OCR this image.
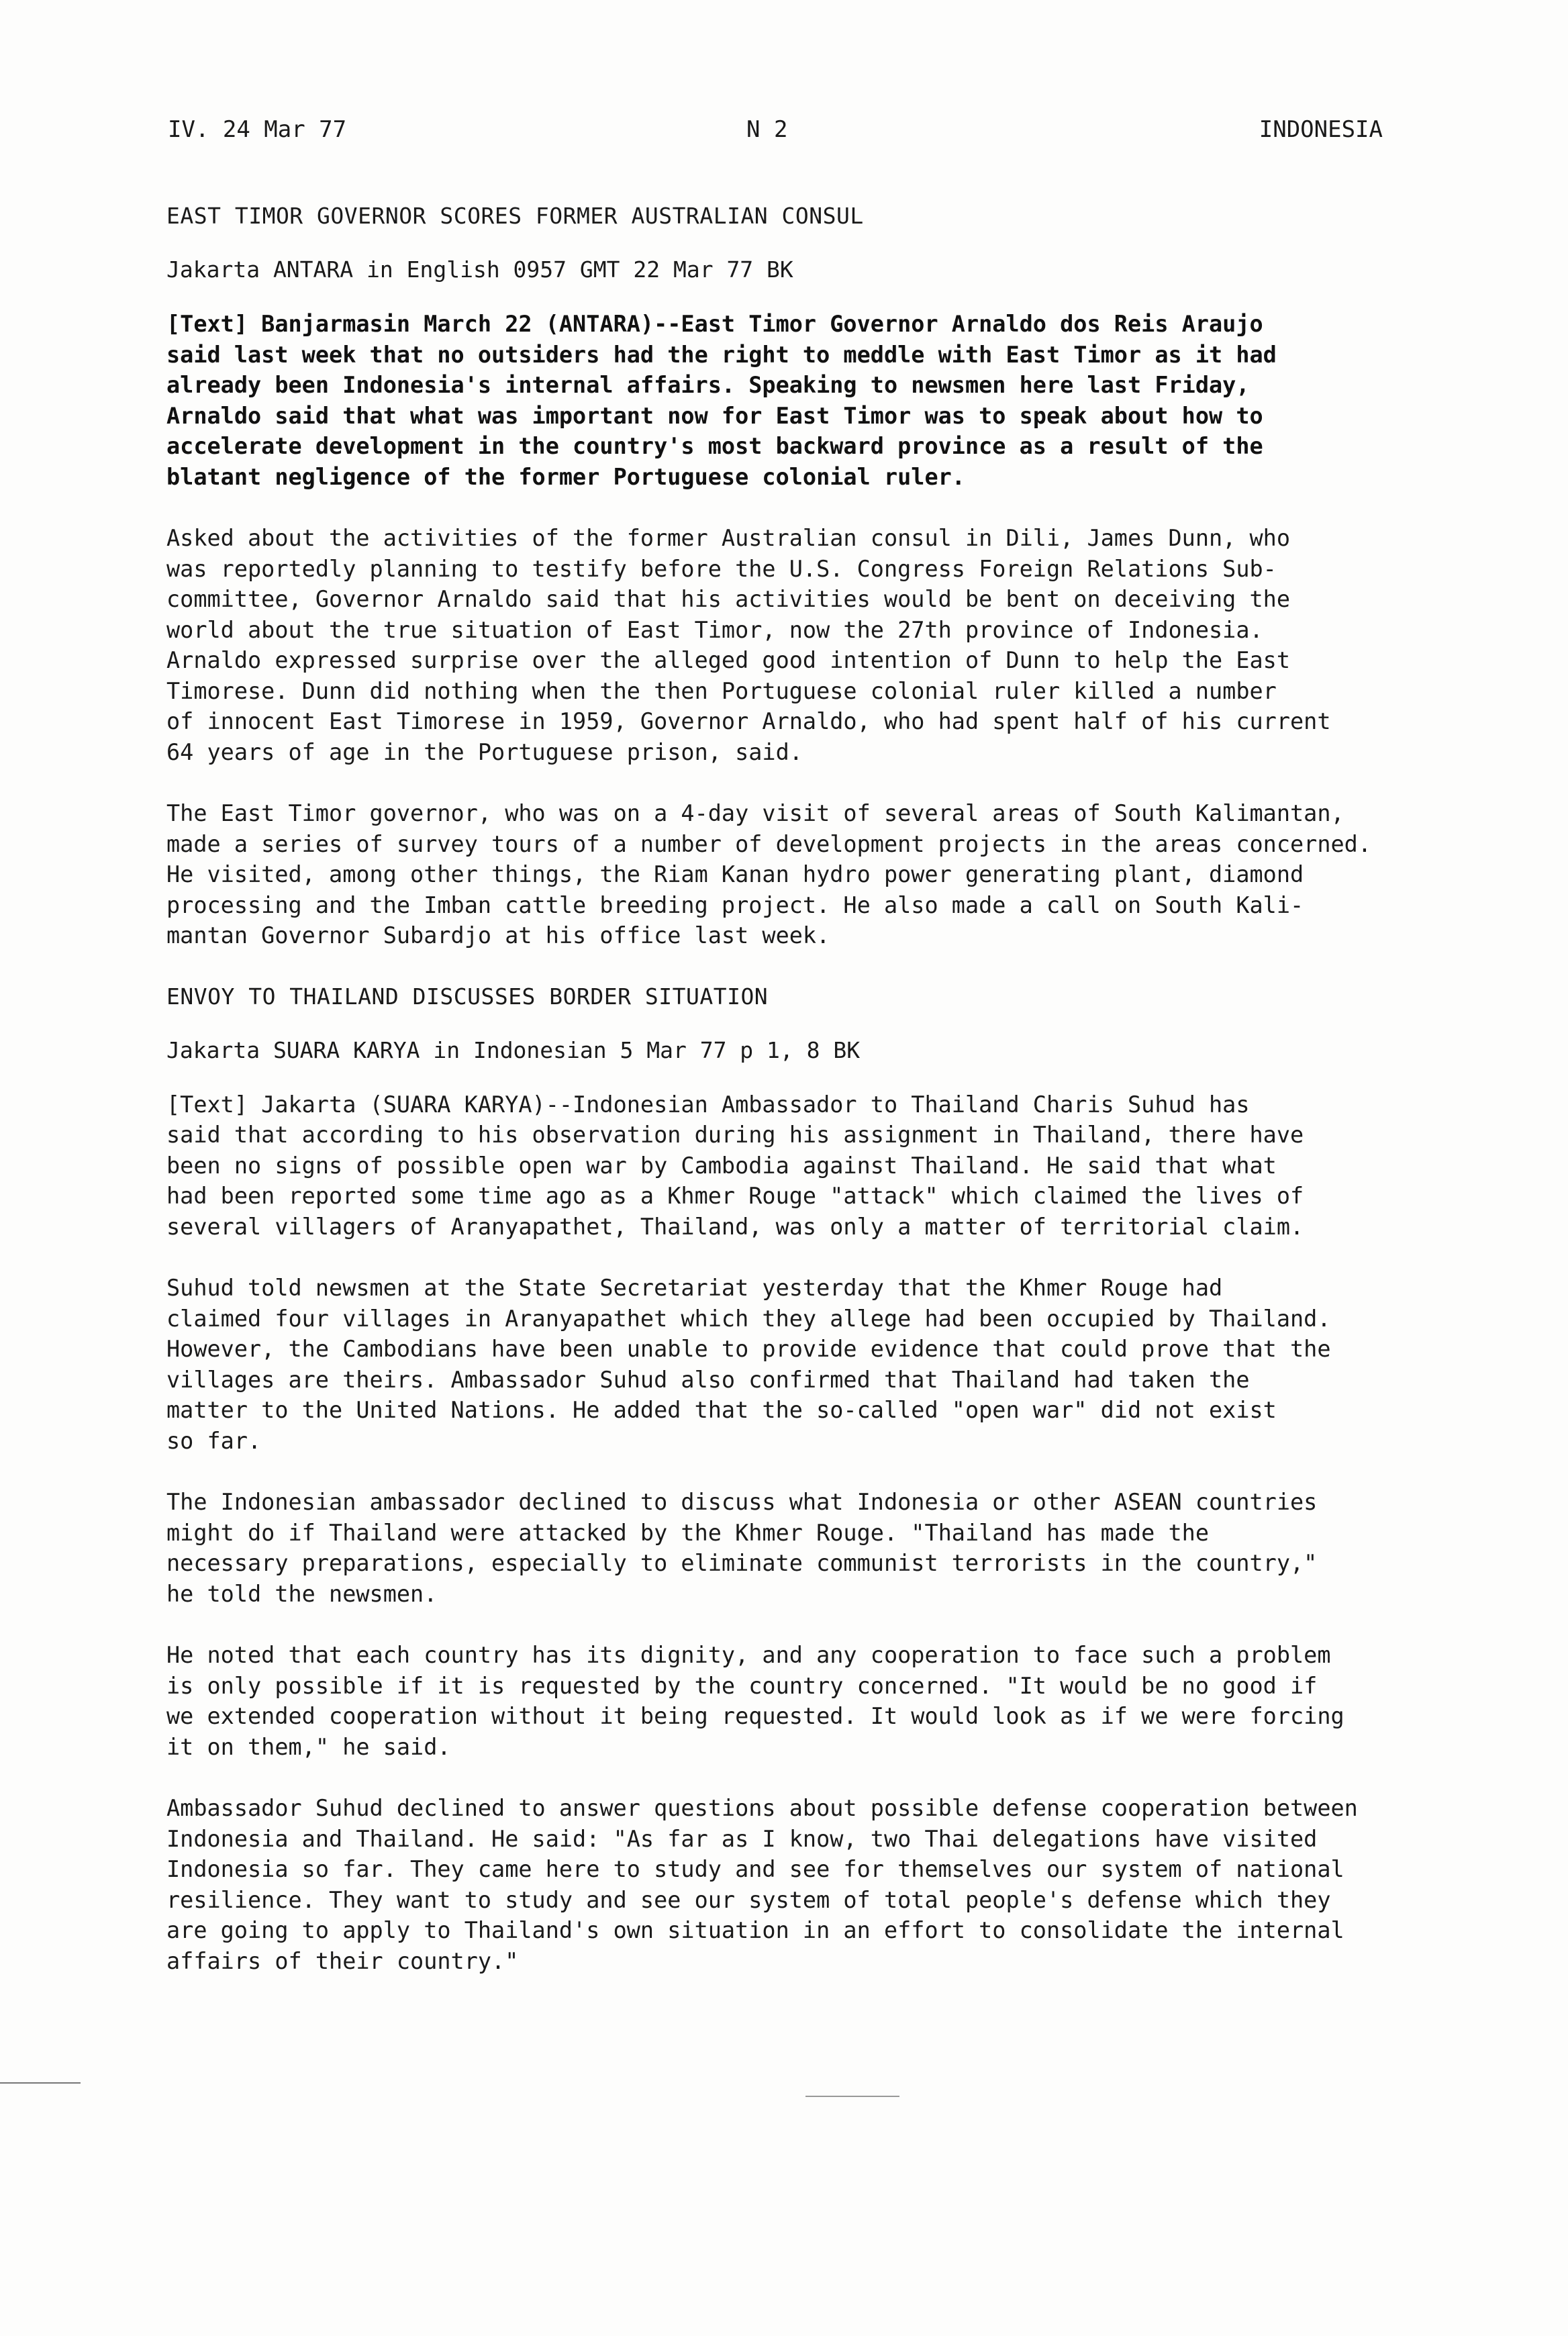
IV. 24 Mar 77	N 2	INDONESIA
EAST TIMOR GOVERNOR SCORES FORMER AUSTRALIAN CONSUL
Jakarta ANTARA in English 0957 GMT 22 Mar 77 BK
[Text] Banjarmasin March 22 (ANTARA)--East Timor Governor Arnaldo dos Reis Araujo
said last week that no outsiders had the right to meddle with East Timor as it had
already been Indonesia's internal affairs. Speaking to newsmen here last Friday,
Arnaldo said that what was important now for East Timor was to speak about how to
accelerate development in the country's most backward province as a result of the
blatant negligence of the former Portuguese colonial ruler.
Asked about the activities of the former Australian consul in Dili, James Dunn, who
was reportedly planning to testify before the U.S. Congress Foreign Relations Sub-
committee, Governor Arnaldo said that his activities would be bent on deceiving the
world about the true situation of East Timor, now the 27th province of Indonesia.
Arnaldo expressed surprise over the alleged good intention of Dunn to help the East
Timorese. Dunn did nothing when the then Portuguese colonial ruler killed a number
of innocent East Timorese in 1959, Governor Arnaldo, who had spent half of his current
64 years of age in the Portuguese prison, said.
The East Timor governor, who was on a 4-day visit of several areas of South Kalimantan,
made a series of survey tours of a number of development projects in the areas concerned.
He visited, among other things, the Riam Kanan hydro power generating plant, diamond
processing and the Imban cattle breeding project. He also made a call on South Kali-
mantan Governor Subardjo at his office last week.
ENVOY TO THAILAND DISCUSSES BORDER SITUATION
Jakarta SUARA KARYA in Indonesian 5 Mar 77 p 1, 8 BK
[Text] Jakarta (SUARA KARYA)--Indonesian Ambassador to Thailand Charis Suhud has
said that according to his observation during his assignment in Thailand, there have
been no signs of possible open war by Cambodia against Thailand. He said that what
had been reported some time ago as a Khmer Rouge "attack" which claimed the lives of
several villagers of Aranyapathet, Thailand, was only a matter of territorial claim.
Suhud told newsmen at the State Secretariat yesterday that the Khmer Rouge had
claimed four villages in Aranyapathet which they allege had been occupied by Thailand.
However, the Cambodians have been unable to provide evidence that could prove that the
villages are theirs. Ambassador Suhud also confirmed that Thailand had taken the
matter to the United Nations. He added that the so-called "open war" did not exist
so far.
The Indonesian ambassador declined to discuss what Indonesia or other ASEAN countries
might do if Thailand were attacked by the Khmer Rouge. "Thailand has made the
necessary preparations, especially to eliminate communist terrorists in the country,"
he told the newsmen.
He noted that each country has its dignity, and any cooperation to face such a problem
is only possible if it is requested by the country concerned. "It would be no good if
we extended cooperation without it being requested. It would look as if we were forcing
it on them," he said.
Ambassador Suhud declined to answer questions about possible defense cooperation between
Indonesia and Thailand. He said: "As far as I know, two Thai delegations have visited
Indonesia so far. They came here to study and see for themselves our system of national
resilience. They want to study and see our system of total people's defense which they
are going to apply to Thailand's own situation in an effort to consolidate the internal
affairs of their country."
